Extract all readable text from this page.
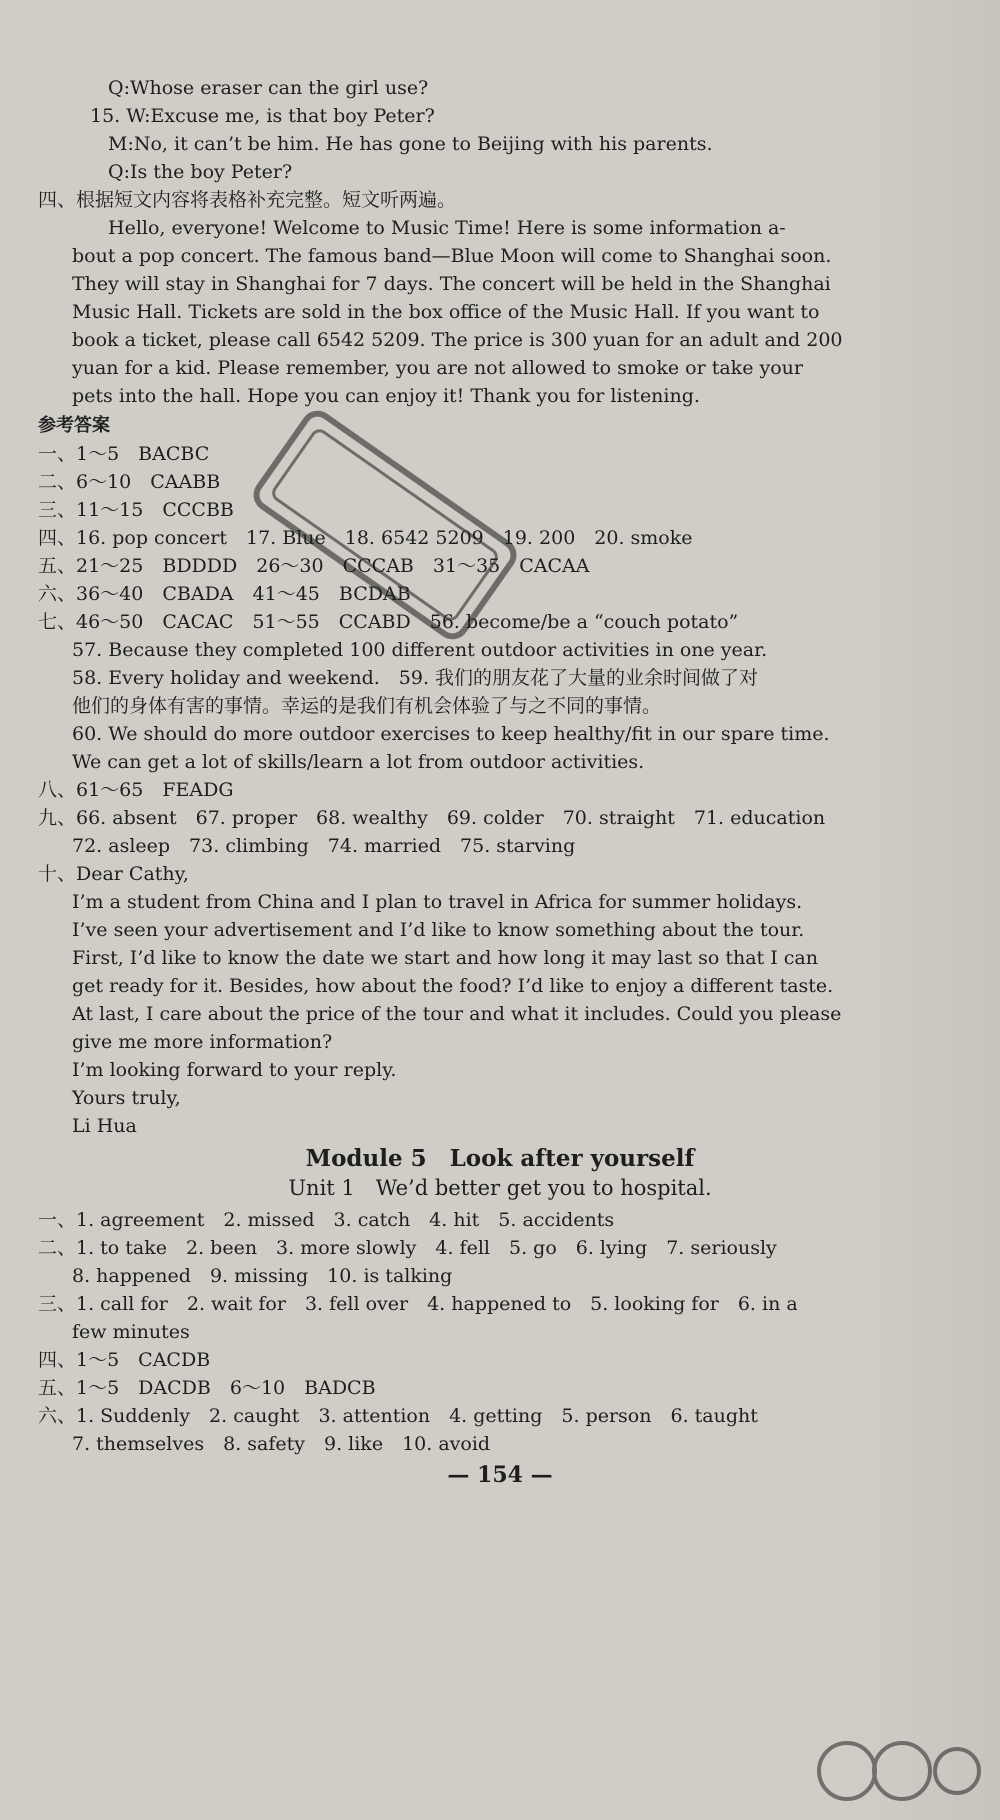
Q:Whose eraser can the girl use?
15. W:Excuse me, is that boy Peter?
M:No, it can’t be him. He has gone to Beijing with his parents.
Q:Is the boy Peter?
四、根据短文内容将表格补充完整。短文听两遍。
Hello, everyone! Welcome to Music Time! Here is some information a-
bout a pop concert. The famous band—Blue Moon will come to Shanghai soon.
They will stay in Shanghai for 7 days. The concert will be held in the Shanghai
Music Hall. Tickets are sold in the box office of the Music Hall. If you want to
book a ticket, please call 6542 5209. The price is 300 yuan for an adult and 200
yuan for a kid. Please remember, you are not allowed to smoke or take your
pets into the hall. Hope you can enjoy it! Thank you for listening.
参考答案
一、1～5　BACBC
二、6～10　CAABB
三、11～15　CCCBB
四、16. pop concert　17. Blue　18. 6542 5209　19. 200　20. smoke
五、21～25　BDDDD　26～30　CCCAB　31～35　CACAA
六、36～40　CBADA　41～45　BCDAB
七、46～50　CACAC　51～55　CCABD　56. become/be a “couch potato”
57. Because they completed 100 different outdoor activities in one year.
58. Every holiday and weekend.　59. 我们的朋友花了大量的业余时间做了对
他们的身体有害的事情。幸运的是我们有机会体验了与之不同的事情。
60. We should do more outdoor exercises to keep healthy/fit in our spare time.
We can get a lot of skills/learn a lot from outdoor activities.
八、61～65　FEADG
九、66. absent　67. proper　68. wealthy　69. colder　70. straight　71. education
72. asleep　73. climbing　74. married　75. starving
十、Dear Cathy,
I’m a student from China and I plan to travel in Africa for summer holidays.
I’ve seen your advertisement and I’d like to know something about the tour.
First, I’d like to know the date we start and how long it may last so that I can
get ready for it. Besides, how about the food? I’d like to enjoy a different taste.
At last, I care about the price of the tour and what it includes. Could you please
give me more information?
I’m looking forward to your reply.
Yours truly,
Li Hua
Module 5　Look after yourself
Unit 1　We’d better get you to hospital.
一、1. agreement　2. missed　3. catch　4. hit　5. accidents
二、1. to take　2. been　3. more slowly　4. fell　5. go　6. lying　7. seriously
8. happened　9. missing　10. is talking
三、1. call for　2. wait for　3. fell over　4. happened to　5. looking for　6. in a
few minutes
四、1～5　CACDB
五、1～5　DACDB　6～10　BADCB
六、1. Suddenly　2. caught　3. attention　4. getting　5. person　6. taught
7. themselves　8. safety　9. like　10. avoid
— 154 —
